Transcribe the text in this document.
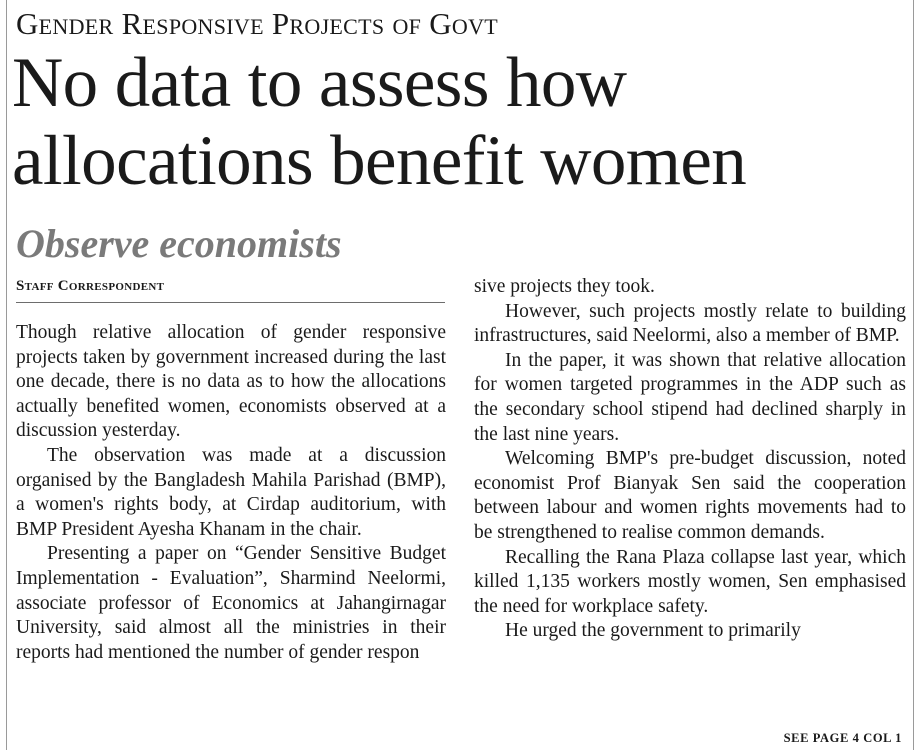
Gender Responsive Projects of Govt
No data to assess how
allocations benefit women
Observe economists
Staff Correspondent

Though relative allocation of gender responsive projects taken by government increased during the last one decade, there is no data as to how the allocations actually benefited women, economists observed at a discussion yesterday.

The observation was made at a discussion organised by the Bangladesh Mahila Parishad (BMP), a women's rights body, at Cirdap auditorium, with BMP President Ayesha Khanam in the chair.

Presenting a paper on “Gender Sensitive Budget Implementation - Evaluation”, Sharmind Neelormi, associate professor of Economics at Jahangirnagar University, said almost all the ministries in their reports had mentioned the number of gender respon

sive projects they took.

However, such projects mostly relate to building infrastructures, said Neelormi, also a member of BMP.

In the paper, it was shown that relative allocation for women targeted programmes in the ADP such as the secondary school stipend had declined sharply in the last nine years.

Welcoming BMP's pre-budget discussion, noted economist Prof Bianyak Sen said the cooperation between labour and women rights movements had to be strengthened to realise common demands.

Recalling the Rana Plaza collapse last year, which killed 1,135 workers mostly women, Sen emphasised the need for workplace safety.

He urged the government to primarily

SEE PAGE 4 COL 1
